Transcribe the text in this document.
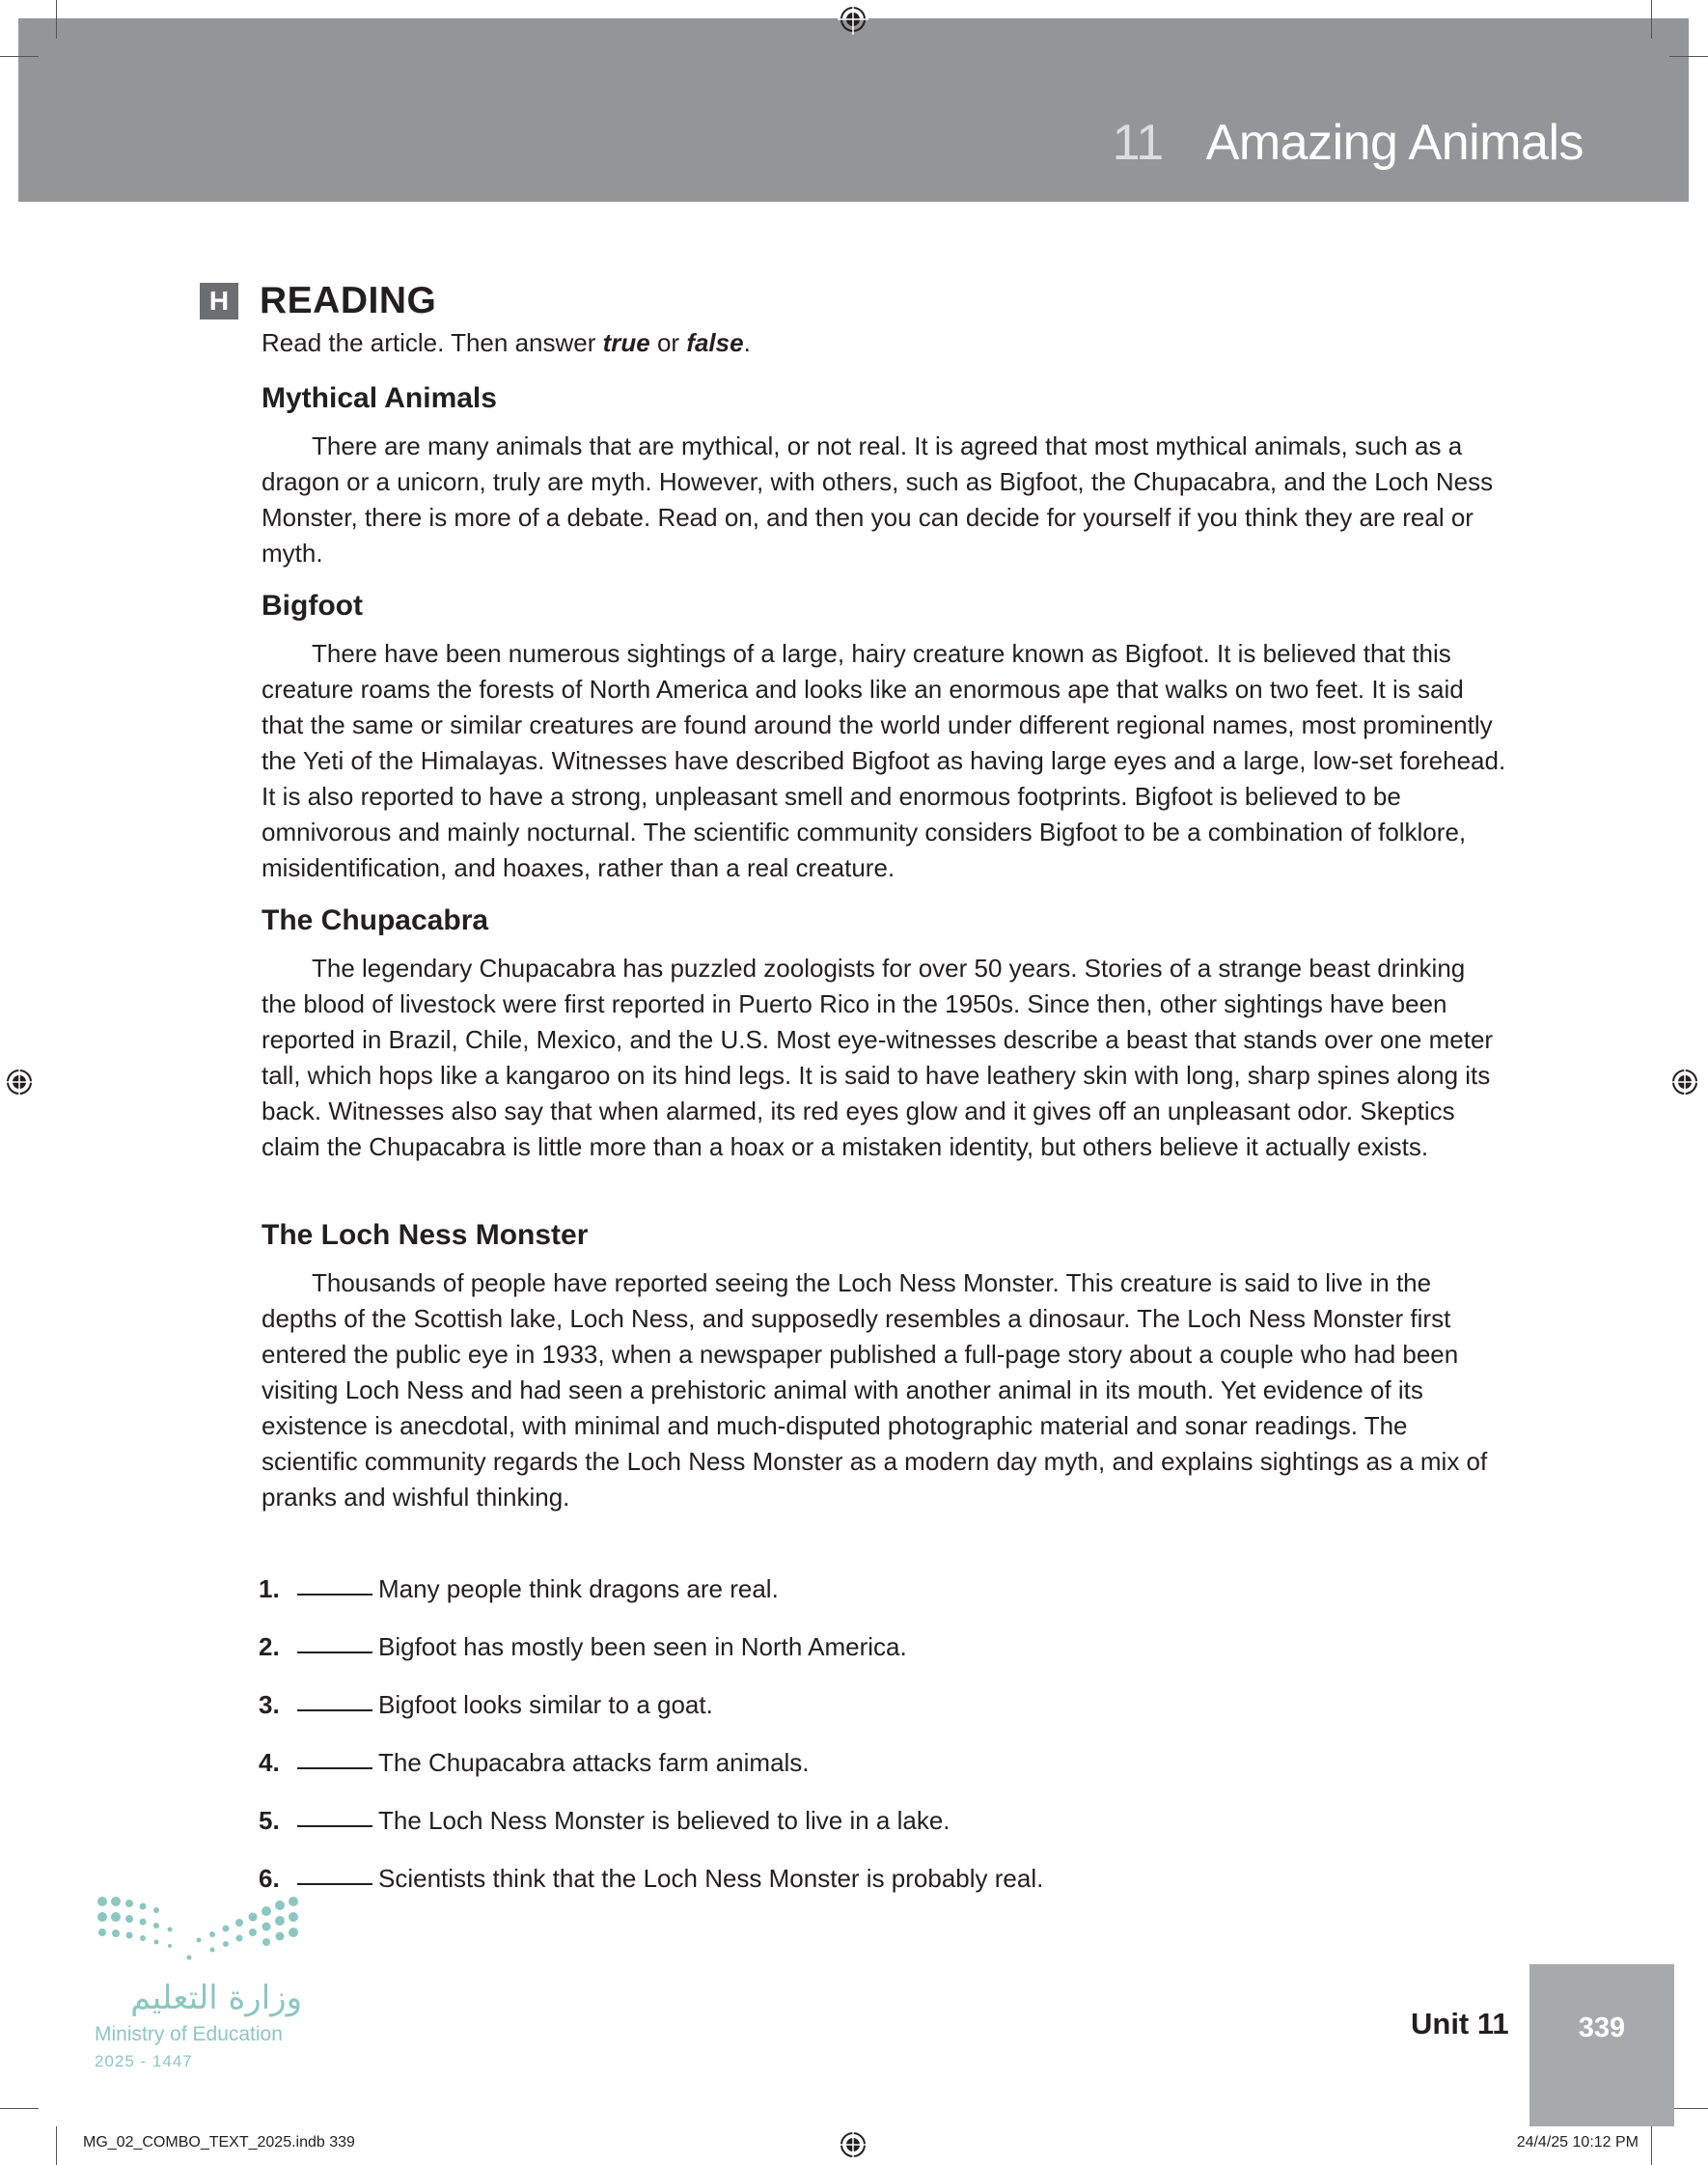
11 Amazing Animals
H READING
Read the article. Then answer true or false.
Mythical Animals

There are many animals that are mythical, or not real. It is agreed that most mythical animals, such as a dragon or a unicorn, truly are myth. However, with others, such as Bigfoot, the Chupacabra, and the Loch Ness Monster, there is more of a debate. Read on, and then you can decide for yourself if you think they are real or myth.

Bigfoot

There have been numerous sightings of a large, hairy creature known as Bigfoot. It is believed that this creature roams the forests of North America and looks like an enormous ape that walks on two feet. It is said that the same or similar creatures are found around the world under different regional names, most prominently the Yeti of the Himalayas. Witnesses have described Bigfoot as having large eyes and a large, low-set forehead. It is also reported to have a strong, unpleasant smell and enormous footprints. Bigfoot is believed to be omnivorous and mainly nocturnal. The scientific community considers Bigfoot to be a combination of folklore, misidentification, and hoaxes, rather than a real creature.

The Chupacabra

The legendary Chupacabra has puzzled zoologists for over 50 years. Stories of a strange beast drinking the blood of livestock were first reported in Puerto Rico in the 1950s. Since then, other sightings have been reported in Brazil, Chile, Mexico, and the U.S. Most eye-witnesses describe a beast that stands over one meter tall, which hops like a kangaroo on its hind legs. It is said to have leathery skin with long, sharp spines along its back. Witnesses also say that when alarmed, its red eyes glow and it gives off an unpleasant odor. Skeptics claim the Chupacabra is little more than a hoax or a mistaken identity, but others believe it actually exists.

The Loch Ness Monster

Thousands of people have reported seeing the Loch Ness Monster. This creature is said to live in the depths of the Scottish lake, Loch Ness, and supposedly resembles a dinosaur. The Loch Ness Monster first entered the public eye in 1933, when a newspaper published a full-page story about a couple who had been visiting Loch Ness and had seen a prehistoric animal with another animal in its mouth. Yet evidence of its existence is anecdotal, with minimal and much-disputed photographic material and sonar readings. The scientific community regards the Loch Ness Monster as a modern day myth, and explains sightings as a mix of pranks and wishful thinking.

1.	Many people think dragons are real.
2.	Bigfoot has mostly been seen in North America.
3.	Bigfoot looks similar to a goat.
4.	The Chupacabra attacks farm animals.
5.	The Loch Ness Monster is believed to live in a lake.
6.	Scientists think that the Loch Ness Monster is probably real.
وزارة التعليم
Ministry of Education
2025 - 1447
Unit 11	339
MG_02_COMBO_TEXT_2025.indb 339	24/4/25 10:12 PM
